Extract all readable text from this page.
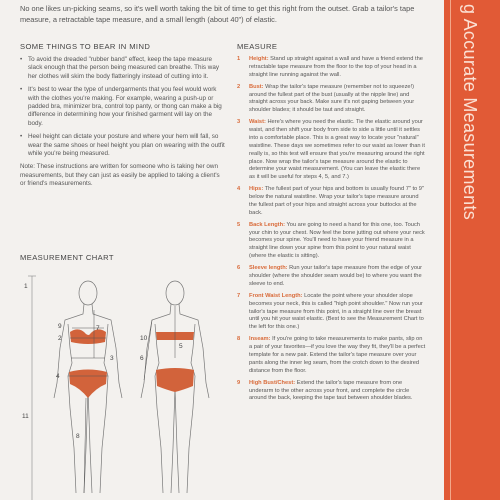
No one likes un-picking seams, so it's well worth taking the bit of time to get this right from the outset. Grab a tailor's tape measure, a retractable tape measure, and a small length (about 40") of elastic.

SOME THINGS TO BEAR IN MIND
• To avoid the dreaded "rubber band" effect, keep the tape measure slack enough that the person being measured can breathe. This way her clothes will skim the body flatteringly instead of cutting into it.
• It's best to wear the type of undergarments that you feel would work with the clothes you're making. For example, wearing a push-up or padded bra, minimizer bra, control top panty, or thong can make a big difference in determining how your finished garment will lay on the body.
• Heel height can dictate your posture and where your hem will fall, so wear the same shoes or heel height you plan on wearing with the outfit while you're being measured.

Note: These instructions are written for someone who is taking her own measurements, but they can just as easily be applied to taking a client's or friend's measurements.

MEASUREMENT CHART
9	7
2
3
4
11
8
1
10
6
5
MEASURE
1 Height: Stand up straight against a wall and have a friend extend the retractable tape measure from the floor to the top of your head in a straight line running against the wall.
2 Bust: Wrap the tailor's tape measure (remember not to squeeze!) around the fullest part of the bust (usually at the nipple line) and straight across your back. Make sure it's not gaping between your shoulder blades; it should be taut and straight.
3 Waist: Here's where you need the elastic. Tie the elastic around your waist, and then shift your body from side to side a little until it settles into a comfortable place. This is a great way to locate your "natural" waistline. These days we sometimes refer to our waist as lower than it really is, so this test will ensure that you're measuring around the right place. Now wrap the tailor's tape measure around the elastic to determine your waist measurement. (You can leave the elastic there as it will be useful for steps 4, 5, and 7.)
4 Hips: The fullest part of your hips and bottom is usually found 7" to 9" below the natural waistline. Wrap your tailor's tape measure around the fullest part of your hips and straight across your buttocks at the back.
5 Back Length: You are going to need a hand for this one, too. Touch your chin to your chest. Now feel the bone jutting out where your neck becomes your spine. You'll need to have your friend measure in a straight line down your spine from this point to your natural waist (where the elastic is sitting).
6 Sleeve length: Run your tailor's tape measure from the edge of your shoulder (where the shoulder seam would be) to where you want the sleeve to end.
7 Front Waist Length: Locate the point where your shoulder slope becomes your neck, this is called "high point shoulder." Now run your tailor's tape measure from this point, in a straight line over the breast until you hit your waist elastic. (Best to see the Measurement Chart to the left for this one.)
8 Inseam: If you're going to take measurements to make pants, slip on a pair of your favorites—if you love the way they fit, they'll be a perfect template for a new pair. Extend the tailor's tape measure over your pants along the inner leg seam, from the crotch down to the desired distance from the floor.
9 High Bust/Chest: Extend the tailor's tape measure from one underarm to the other across your front, and complete the circle around the back, keeping the tape taut between shoulder blades.
g Accurate Measurements
